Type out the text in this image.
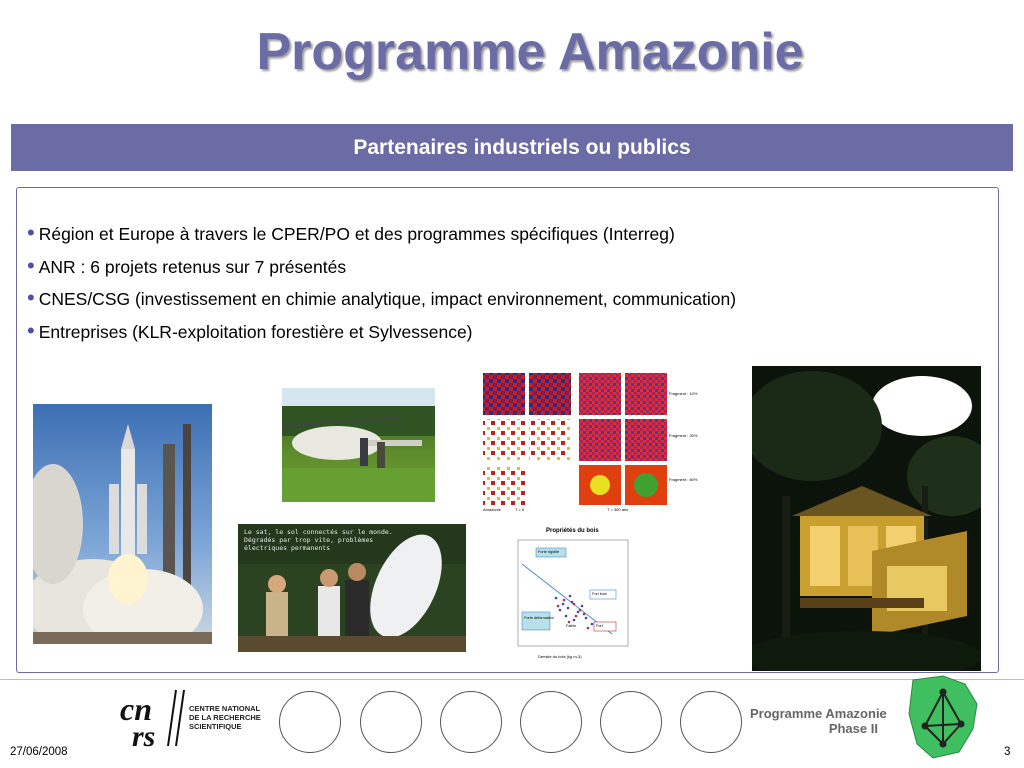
Programme Amazonie
Partenaires industriels ou publics
• Région et Europe à travers le CPER/PO et des programmes spécifiques (Interreg)
• ANR : 6 projets retenus sur 7 présentés
• CNES/CSG (investissement en chimie analytique, impact environnement, communication)
• Entreprises (KLR-exploitation forestière et Sylvessence)
Le sat, le sol connectés sur le monde. Dégradés par trop vite, problèmes électriques permanents
Fragment : 10%
Fragment : 30%
Fragment : 80%
T = 0	T = 300 ans
Amazonie
Propriétés du bois
Forte rigidité
Fort bois
Forte déformation
Fort
Faible
Densité du bois (kg m-3)
cn
rs
CENTRE NATIONAL
DE LA RECHERCHE
SCIENTIFIQUE
Programme Amazonie
Phase II
27/06/2008	3
